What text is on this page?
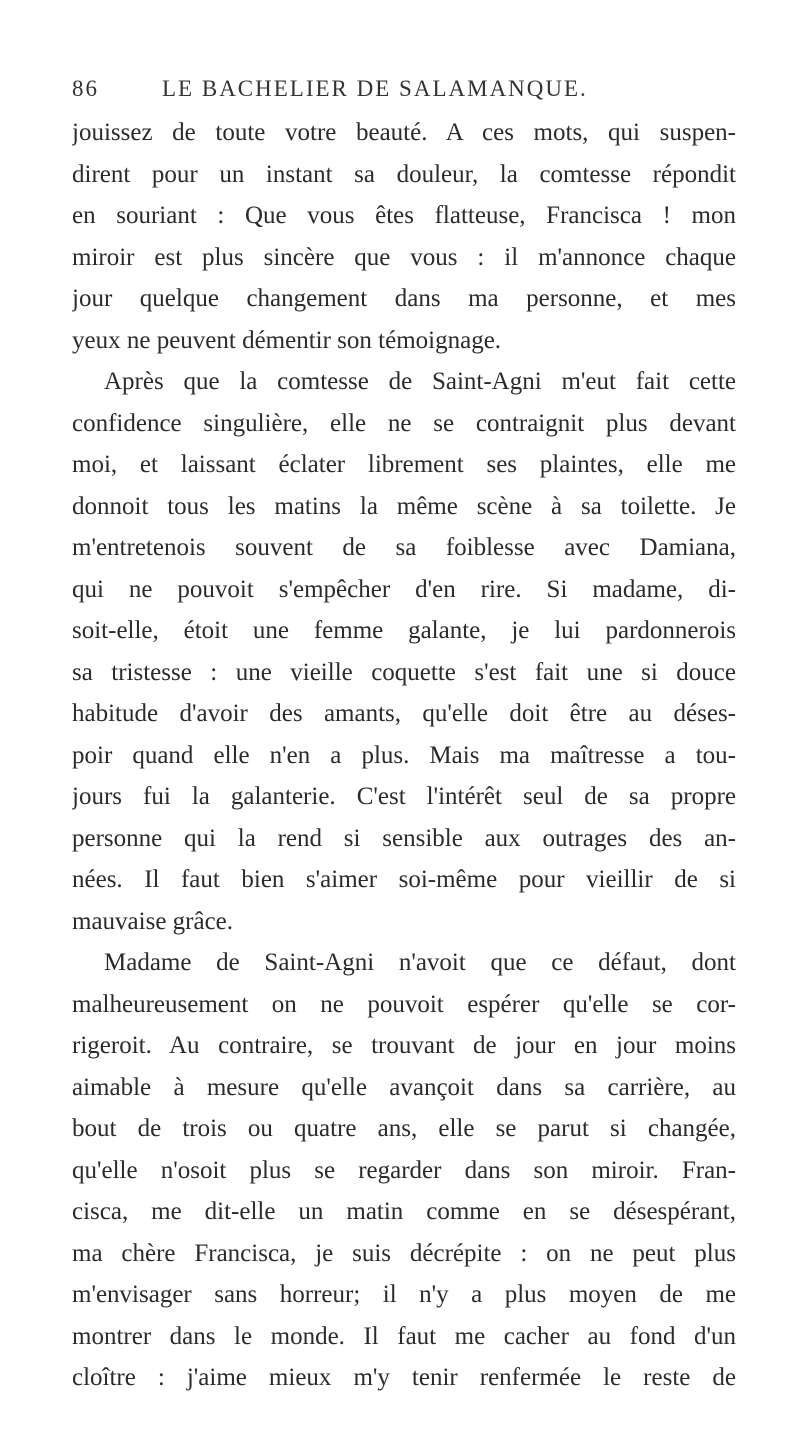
86	LE BACHELIER DE SALAMANQUE.
jouissez de toute votre beauté. A ces mots, qui suspen-
dirent pour un instant sa douleur, la comtesse répondit
en souriant : Que vous êtes flatteuse, Francisca ! mon
miroir est plus sincère que vous : il m'annonce chaque
jour quelque changement dans ma personne, et mes
yeux ne peuvent démentir son témoignage.
Après que la comtesse de Saint-Agni m'eut fait cette
confidence singulière, elle ne se contraignit plus devant
moi, et laissant éclater librement ses plaintes, elle me
donnoit tous les matins la même scène à sa toilette. Je
m'entretenois souvent de sa foiblesse avec Damiana,
qui ne pouvoit s'empêcher d'en rire. Si madame, di-
soit-elle, étoit une femme galante, je lui pardonnerois
sa tristesse : une vieille coquette s'est fait une si douce
habitude d'avoir des amants, qu'elle doit être au déses-
poir quand elle n'en a plus. Mais ma maîtresse a tou-
jours fui la galanterie. C'est l'intérêt seul de sa propre
personne qui la rend si sensible aux outrages des an-
nées. Il faut bien s'aimer soi-même pour vieillir de si
mauvaise grâce.
Madame de Saint-Agni n'avoit que ce défaut, dont
malheureusement on ne pouvoit espérer qu'elle se cor-
rigeroit. Au contraire, se trouvant de jour en jour moins
aimable à mesure qu'elle avançoit dans sa carrière, au
bout de trois ou quatre ans, elle se parut si changée,
qu'elle n'osoit plus se regarder dans son miroir. Fran-
cisca, me dit-elle un matin comme en se désespérant,
ma chère Francisca, je suis décrépite : on ne peut plus
m'envisager sans horreur; il n'y a plus moyen de me
montrer dans le monde. Il faut me cacher au fond d'un
cloître : j'aime mieux m'y tenir renfermée le reste de
